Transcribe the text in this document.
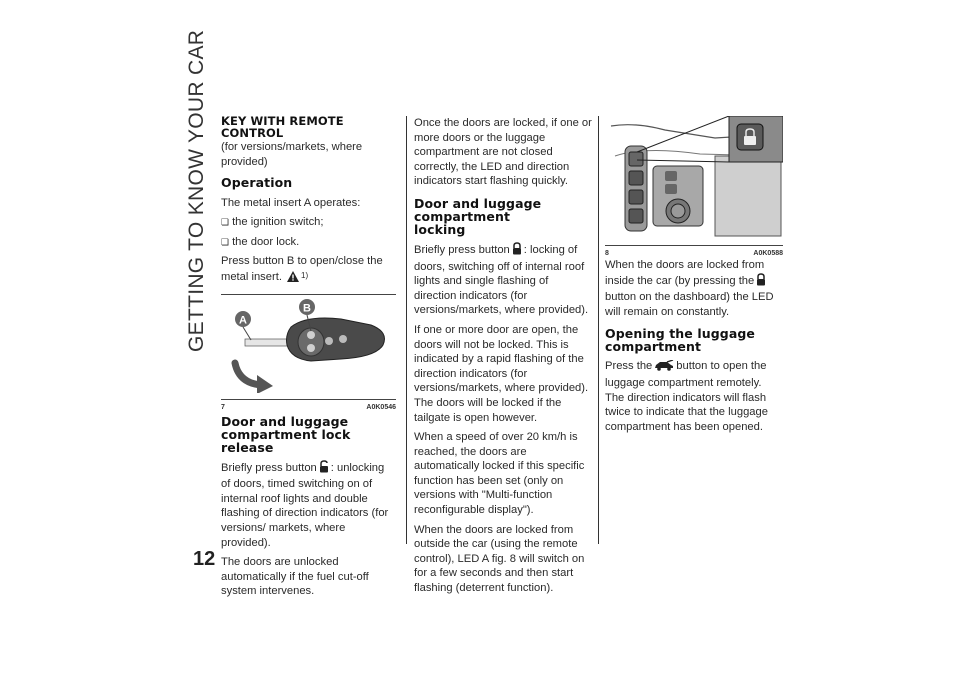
GETTING TO KNOW YOUR CAR
12
KEY WITH REMOTE CONTROL

(for versions/markets, where provided)

Operation

The metal insert A operates:

❏ the ignition switch;

❏ the door lock.

Press button B to open/close the metal insert. 1)

A
B
7	A0K0546
Door and luggage compartment lock release

Briefly press button : unlocking of doors, timed switching on of internal roof lights and double flashing of direction indicators (for versions/ markets, where provided).

The doors are unlocked automatically if the fuel cut-off system intervenes.

Once the doors are locked, if one or more doors or the luggage compartment are not closed correctly, the LED and direction indicators start flashing quickly.

Door and luggage compartment locking

Briefly press button : locking of doors, switching off of internal roof lights and single flashing of direction indicators (for versions/markets, where provided).

If one or more door are open, the doors will not be locked. This is indicated by a rapid flashing of the direction indicators (for versions/markets, where provided). The doors will be locked if the tailgate is open however.

When a speed of over 20 km/h is reached, the doors are automatically locked if this specific function has been set (only on versions with "Multi-function reconfigurable display").

When the doors are locked from outside the car (using the remote control), LED A fig. 8 will switch on for a few seconds and then start flashing (deterrent function).

8	A0K0588

When the doors are locked from inside the car (by pressing thebutton on the dashboard) the LED will remain on constantly.

Opening the luggage compartment

Press the button to open the luggage compartment remotely. The direction indicators will flash twice to indicate that the luggage compartment has been opened.
